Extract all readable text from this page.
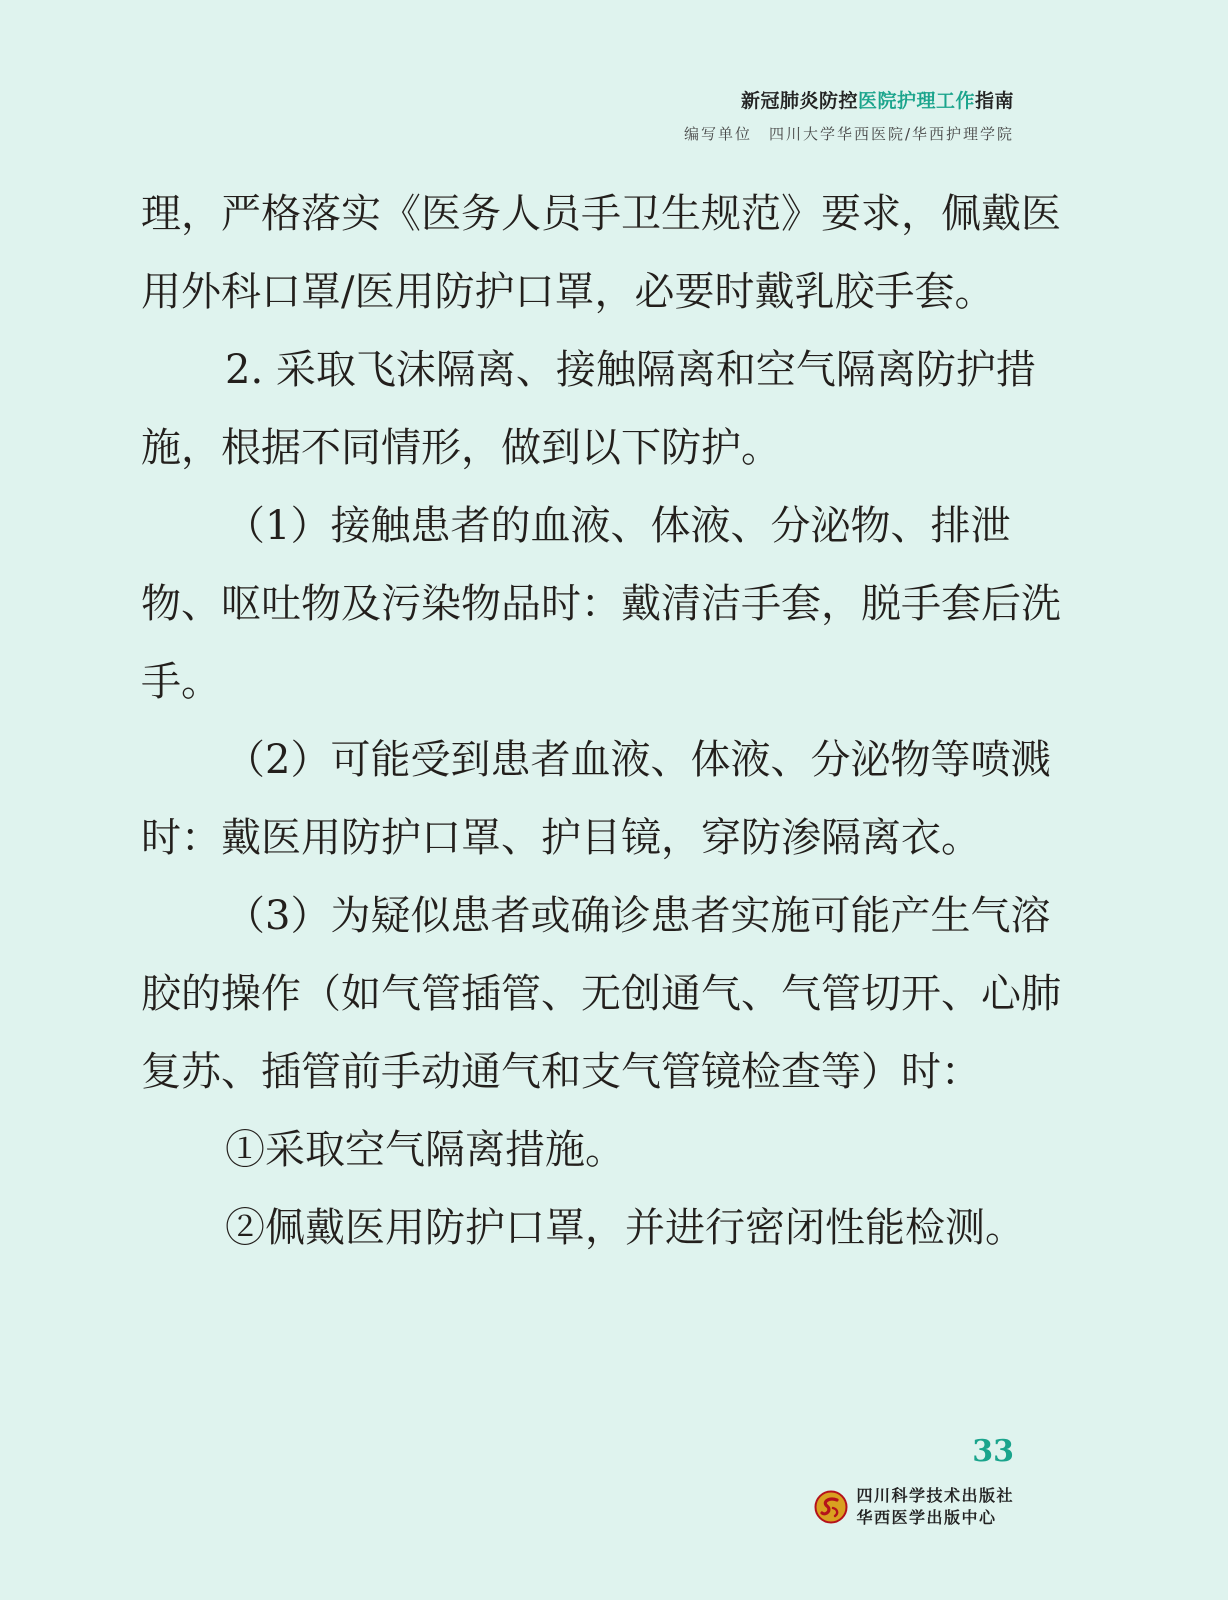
新冠肺炎防控医院护理工作指南
编写单位　四川大学华西医院/华西护理学院

理，严格落实《医务人员手卫生规范》要求，佩戴医用外科口罩/医用防护口罩，必要时戴乳胶手套。

2. 采取飞沫隔离、接触隔离和空气隔离防护措施，根据不同情形，做到以下防护。

（1）接触患者的血液、体液、分泌物、排泄物、呕吐物及污染物品时：戴清洁手套，脱手套后洗手。

（2）可能受到患者血液、体液、分泌物等喷溅时：戴医用防护口罩、护目镜，穿防渗隔离衣。

（3）为疑似患者或确诊患者实施可能产生气溶胶的操作（如气管插管、无创通气、气管切开、心肺复苏、插管前手动通气和支气管镜检查等）时：

①采取空气隔离措施。

②佩戴医用防护口罩，并进行密闭性能检测。

33
四川科学技术出版社
华西医学出版中心
